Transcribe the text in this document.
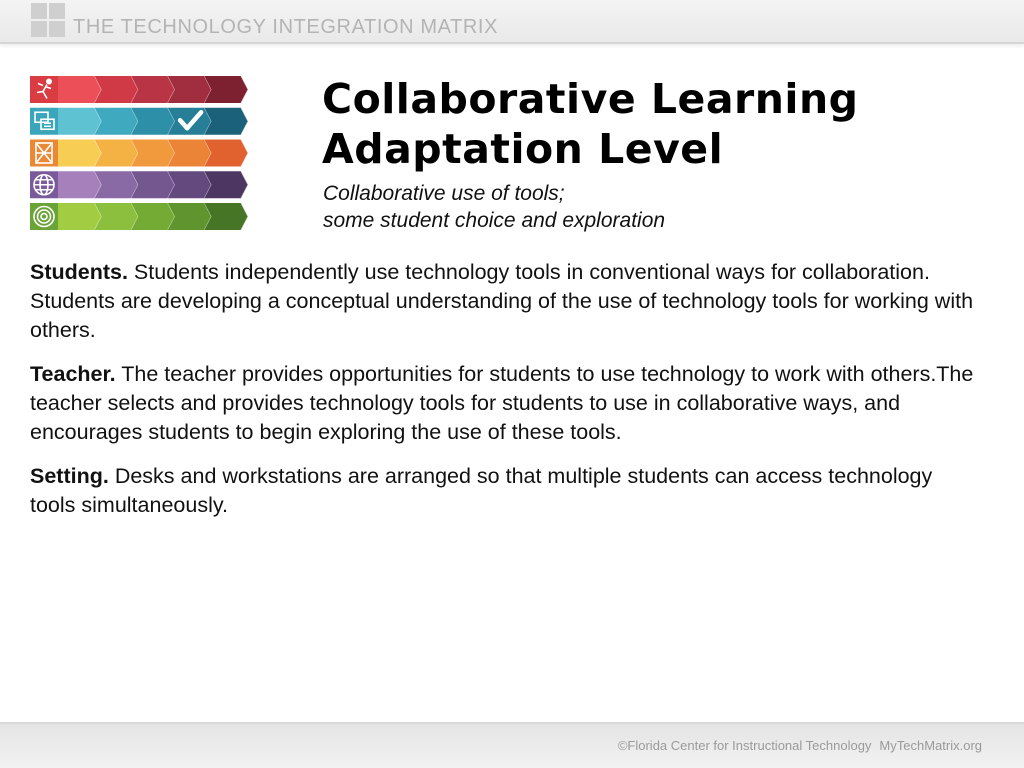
THE TECHNOLOGY INTEGRATION MATRIX
Collaborative Learning
Adaptation Level
Collaborative use of tools;
some student choice and exploration

Students. Students independently use technology tools in conventional ways for collaboration. Students are developing a conceptual understanding of the use of technology tools for working with others.

Teacher. The teacher provides opportunities for students to use technology to work with others.The teacher selects and provides technology tools for students to use in collaborative ways, and encourages students to begin exploring the use of these tools.

Setting. Desks and workstations are arranged so that multiple students can access technology tools simultaneously.

©Florida Center for Instructional Technology MyTechMatrix.org
